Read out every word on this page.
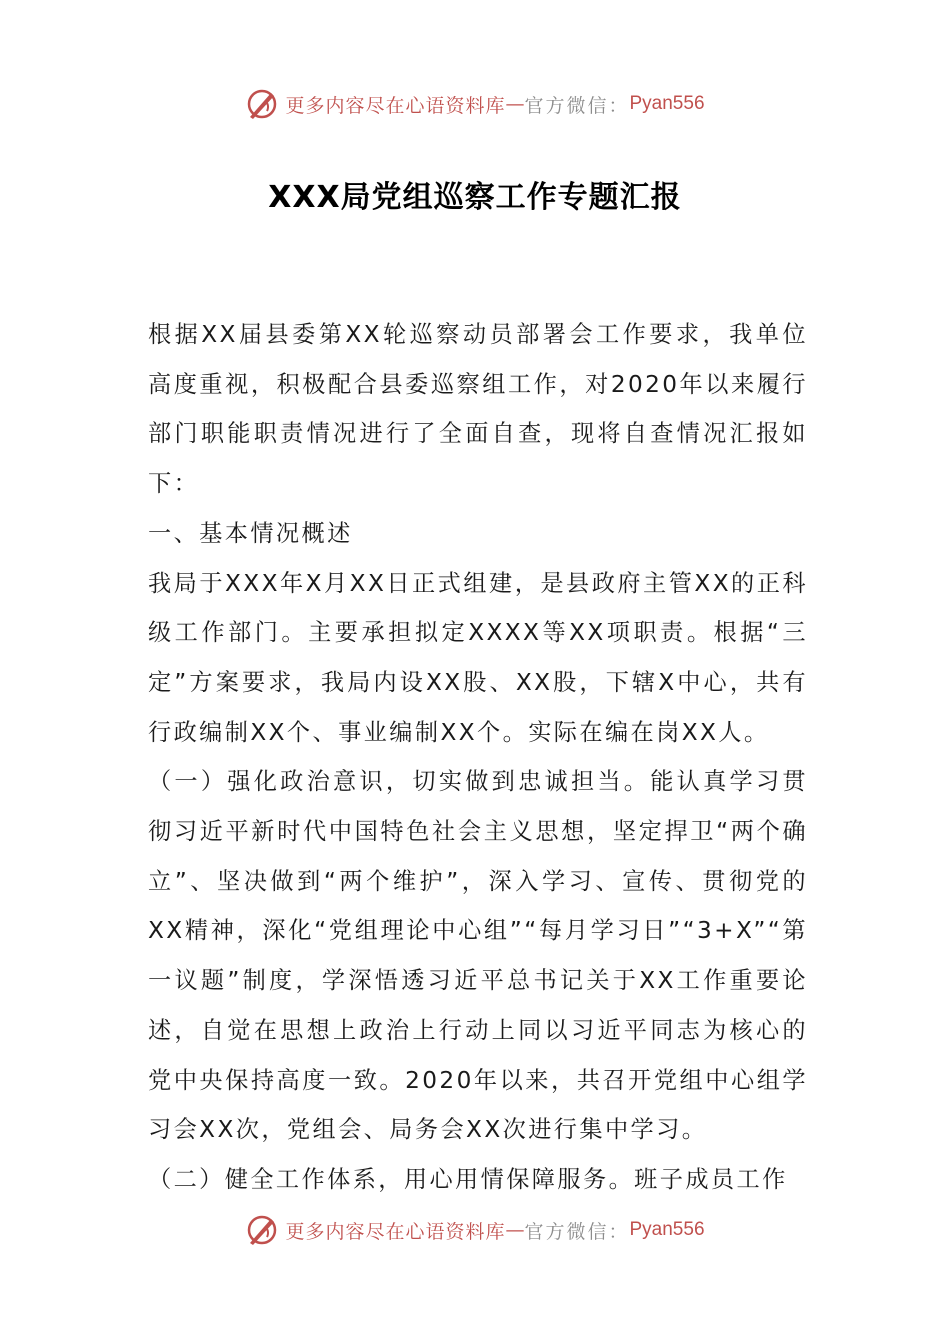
更多内容尽在心语资料库 — 官方微信： Pyan556
XXX局党组巡察工作专题汇报

根据XX届县委第XX轮巡察动员部署会工作要求，我单位高度重视，积极配合县委巡察组工作，对2020年以来履行部门职能职责情况进行了全面自查，现将自查情况汇报如下：

一、基本情况概述

我局于XXX年X月XX日正式组建，是县政府主管XX的正科级工作部门。主要承担拟定XXXX等XX项职责。根据“三定”方案要求，我局内设XX股、XX股，下辖X中心，共有行政编制XX个、事业编制XX个。实际在编在岗XX人。

（一）强化政治意识，切实做到忠诚担当。能认真学习贯彻习近平新时代中国特色社会主义思想，坚定捍卫“两个确立”、坚决做到“两个维护”，深入学习、宣传、贯彻党的XX精神，深化“党组理论中心组”“每月学习日”“3+X”“第一议题”制度，学深悟透习近平总书记关于XX工作重要论述，自觉在思想上政治上行动上同以习近平同志为核心的党中央保持高度一致。2020年以来，共召开党组中心组学习会XX次，党组会、局务会XX次进行集中学习。

（二）健全工作体系，用心用情保障服务。班子成员工作

更多内容尽在心语资料库 — 官方微信： Pyan556
